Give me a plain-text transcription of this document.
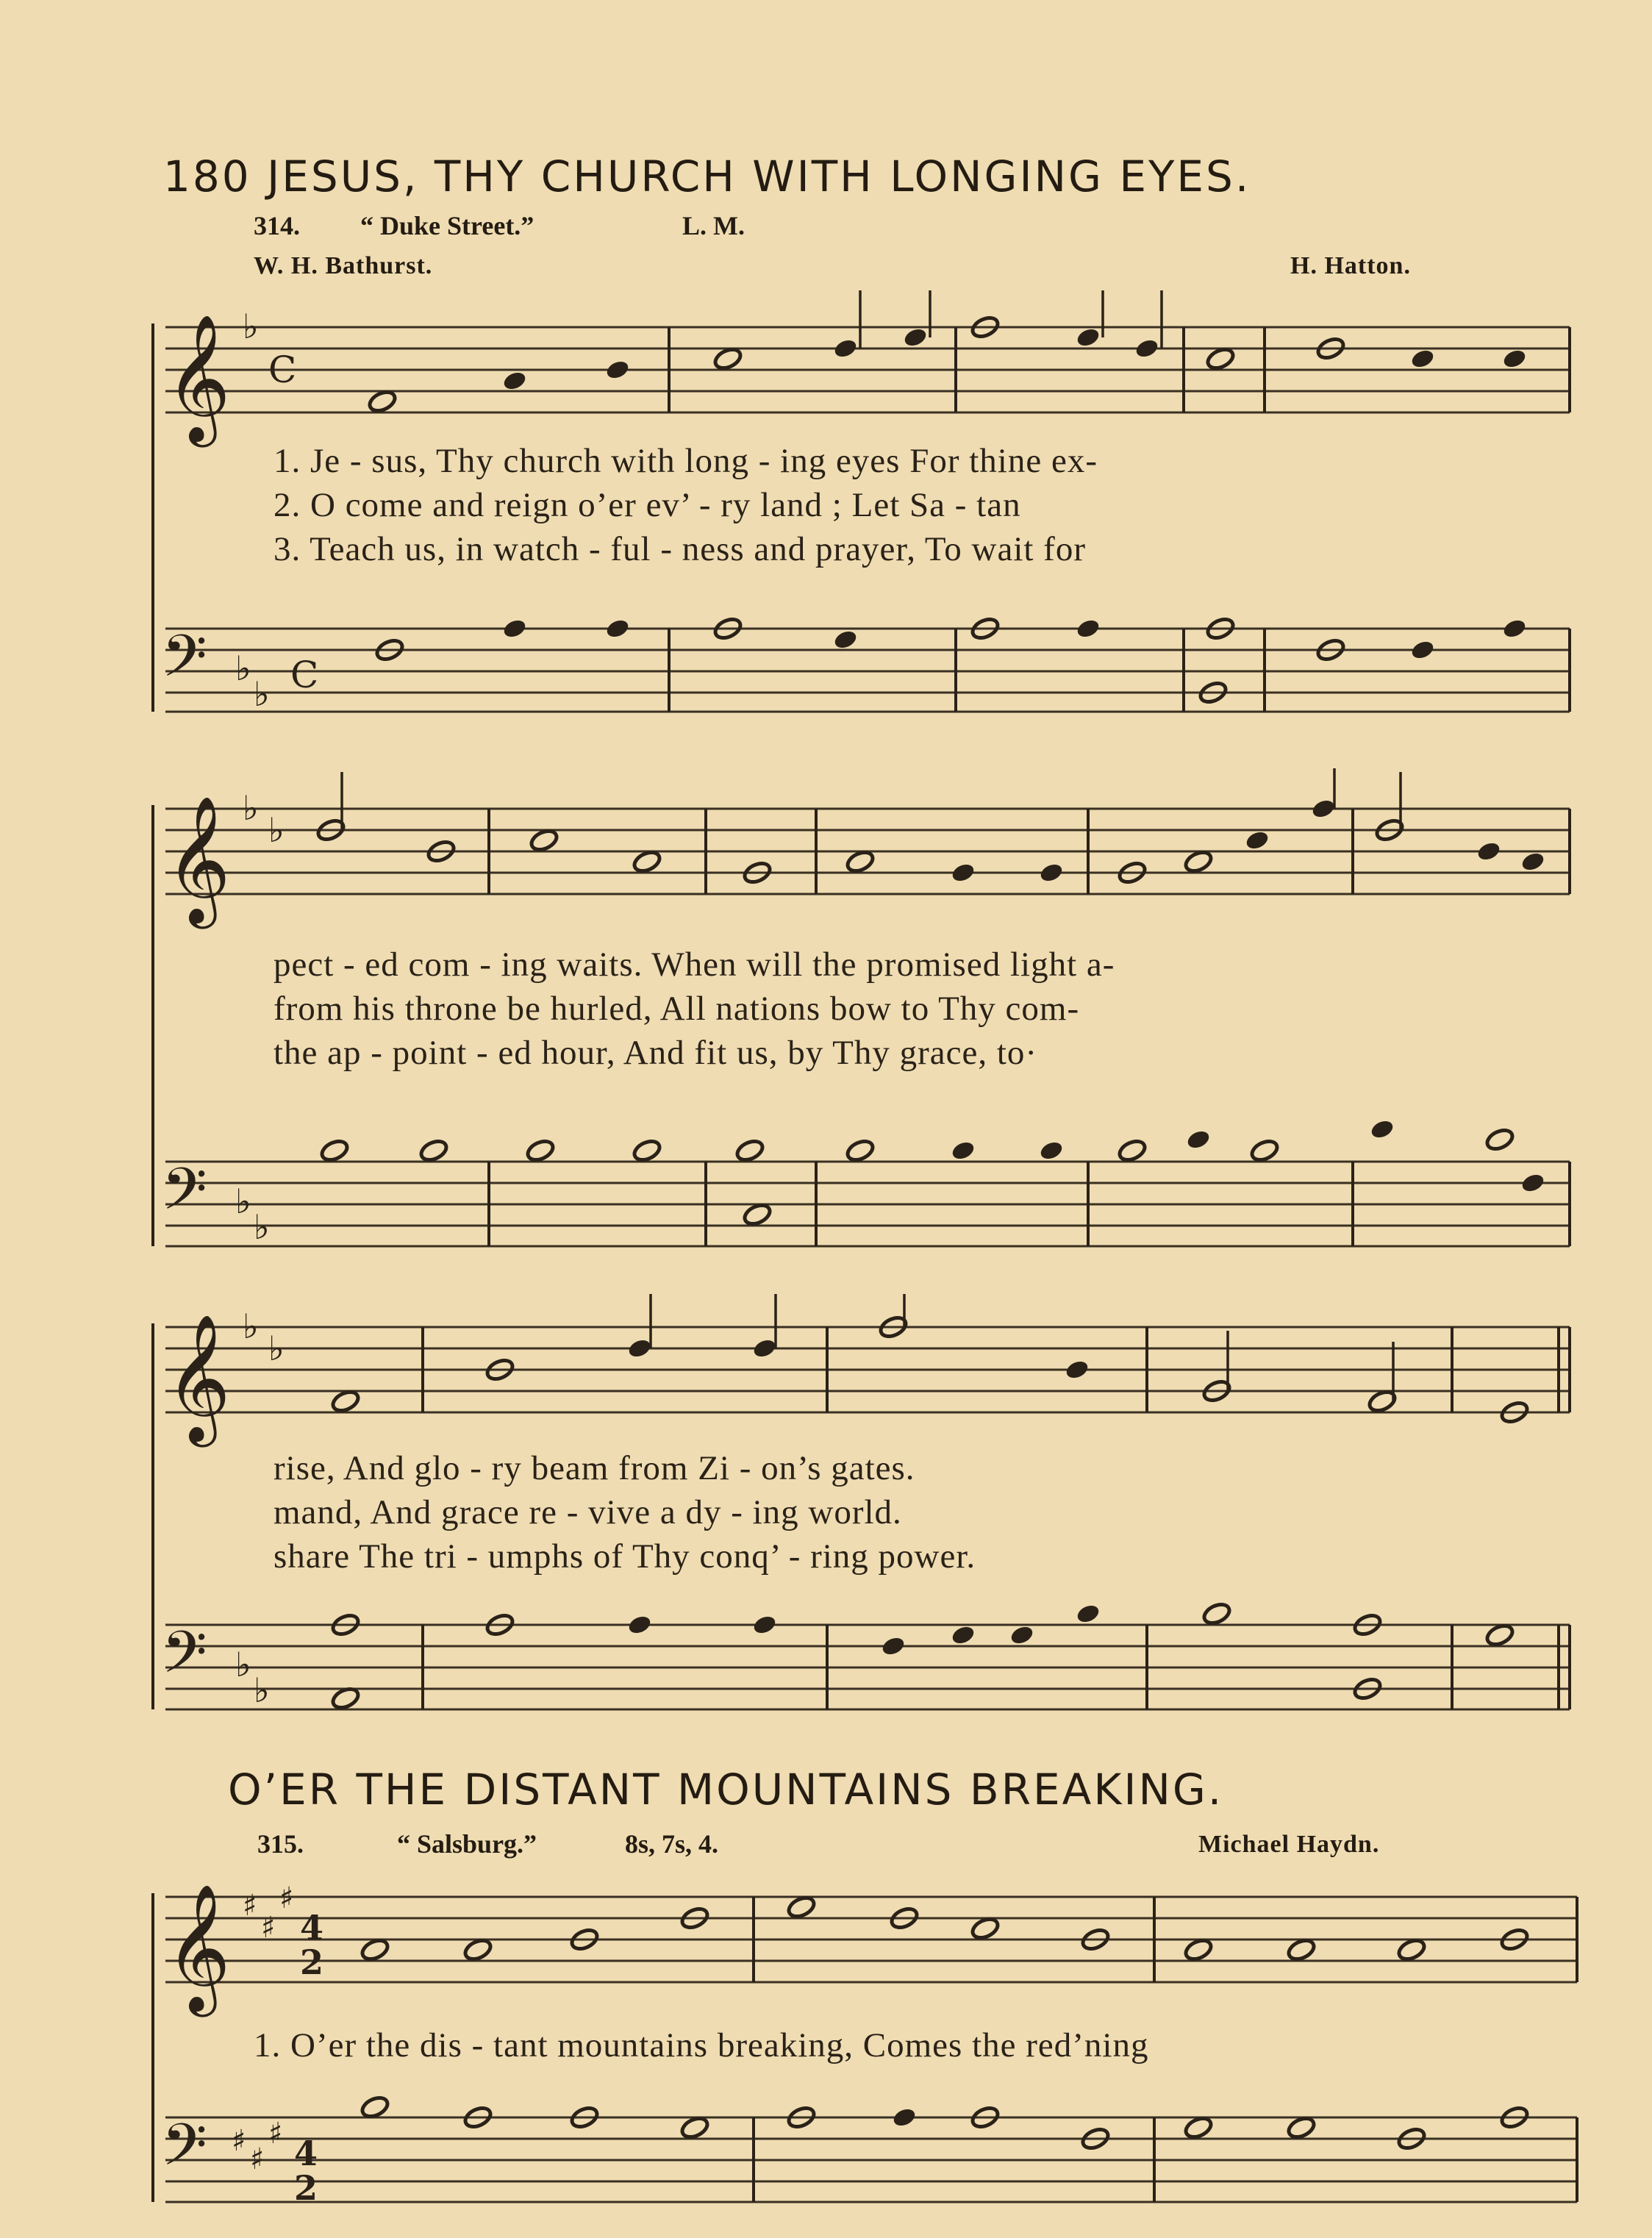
180 JESUS, THY CHURCH WITH LONGING EYES.
314. “ Duke Street.”	L. M.
W. H. Bathurst.	H. Hatton.
𝄞 ♭
C
𝄢 ♭
♭ C
𝄞 ♭
♭
𝄢 ♭
♭
𝄞 ♭
♭
𝄢 ♭
♭
𝄞 ♯
♯
♯
4
2
𝄢 ♯
♯
♯ 4
2
1. Je - sus, Thy church with long - ing eyes For thine ex-
2. O come and reign o’er ev’ - ry land ; Let Sa - tan
3. Teach us, in watch - ful - ness and prayer, To wait for
pect - ed com - ing waits. When will the promised light a-
from his throne be hurled, All nations bow to Thy com-
the ap - point - ed hour, And fit us, by Thy grace, to·
rise, And glo - ry beam from Zi - on’s gates.
mand, And grace re - vive a dy - ing world.
share The tri - umphs of Thy conq’ - ring power.
O’ER THE DISTANT MOUNTAINS BREAKING.
315.	“ Salsburg.”	8s, 7s, 4.	Michael Haydn.
1. O’er the dis - tant mountains breaking, Comes the red’ning
